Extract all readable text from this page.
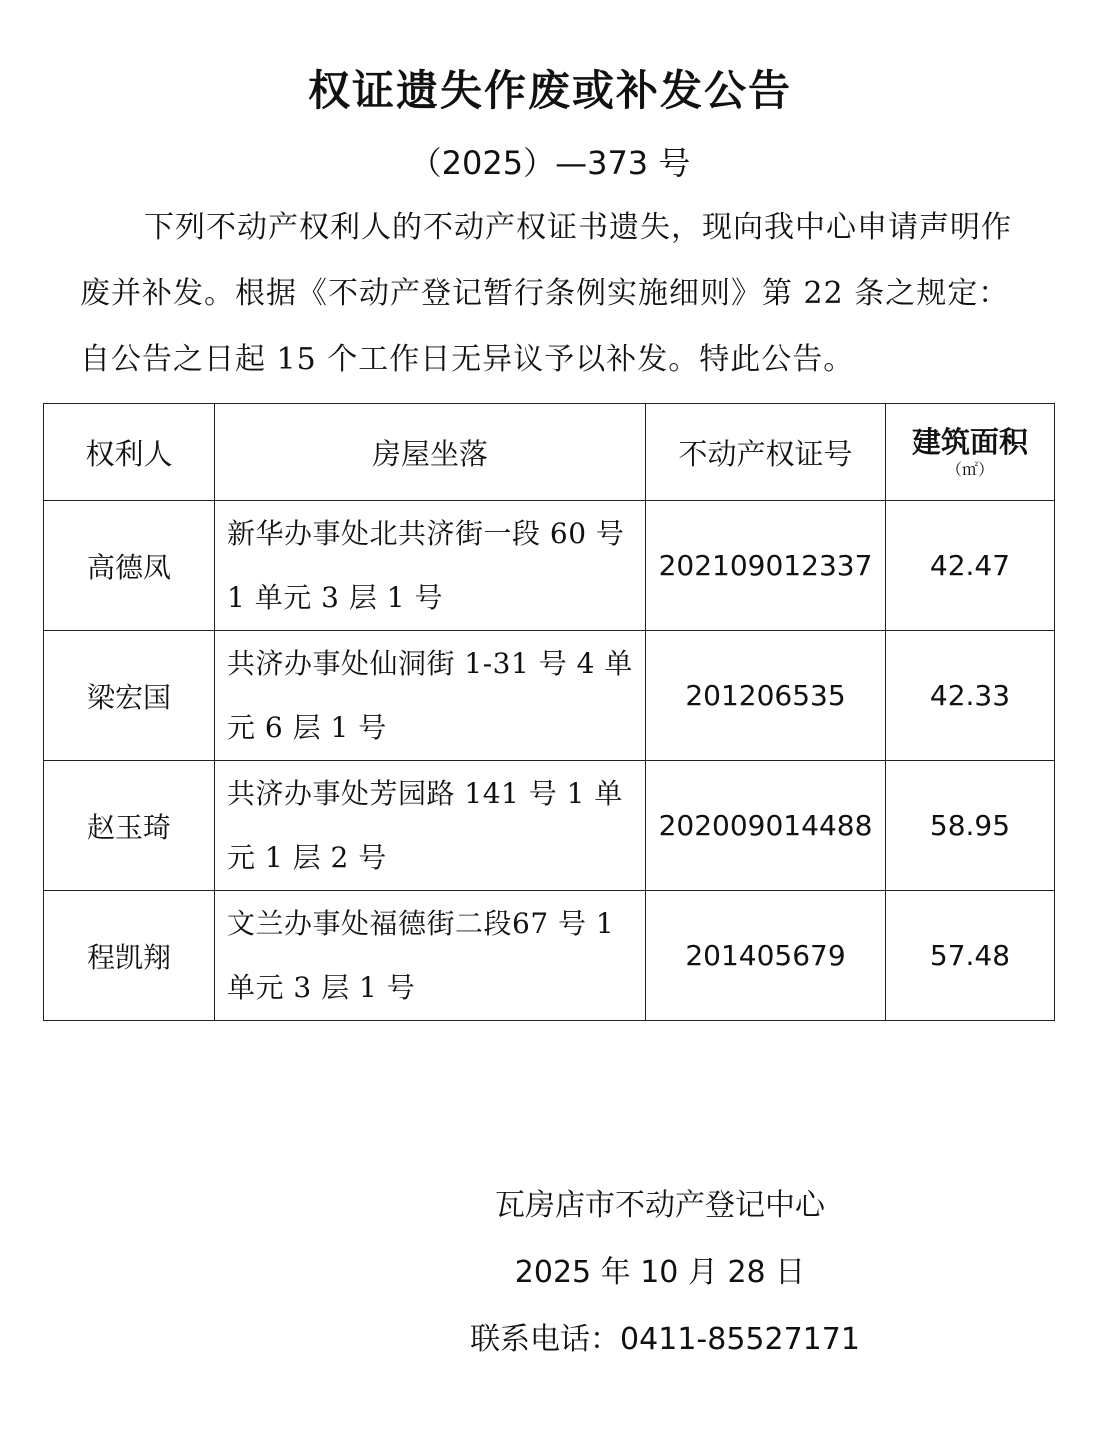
权证遗失作废或补发公告
（2025）—373 号
下列不动产权利人的不动产权证书遗失，现向我中心申请声明作废并补发。根据《不动产登记暂行条例实施细则》第 22 条之规定：自公告之日起 15 个工作日无异议予以补发。特此公告。
权利人	房屋坐落	不动产权证号	建筑面积
（㎡）

高德凤	新华办事处北共济街一段 60 号 1 单元 3 层 1 号	202109012337	42.47
梁宏国	共济办事处仙洞街 1-31 号 4 单元 6 层 1 号	201206535	42.33
赵玉琦	共济办事处芳园路 141 号 1 单元 1 层 2 号	202009014488	58.95
程凯翔	文兰办事处福德街二段67 号 1 单元 3 层 1 号	201405679	57.48
瓦房店市不动产登记中心
2025 年 10 月 28 日
联系电话：0411-85527171
